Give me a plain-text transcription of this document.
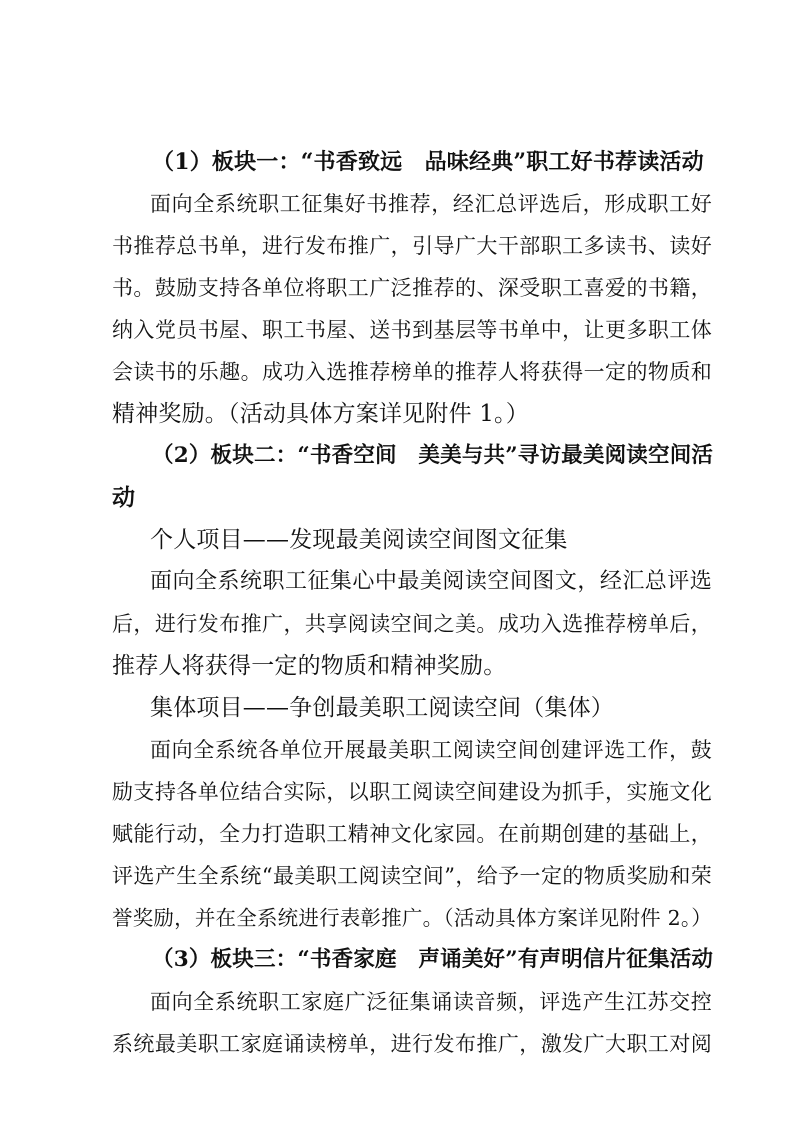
（1）板块一：“书香致远　品味经典”职工好书荐读活动
面向全系统职工征集好书推荐，经汇总评选后，形成职工好
书推荐总书单，进行发布推广，引导广大干部职工多读书、读好
书。鼓励支持各单位将职工广泛推荐的、深受职工喜爱的书籍，
纳入党员书屋、职工书屋、送书到基层等书单中，让更多职工体
会读书的乐趣。成功入选推荐榜单的推荐人将获得一定的物质和
精神奖励。（活动具体方案详见附件 1。）
（2）板块二：“书香空间　美美与共”寻访最美阅读空间活
动
个人项目——发现最美阅读空间图文征集
面向全系统职工征集心中最美阅读空间图文，经汇总评选
后，进行发布推广，共享阅读空间之美。成功入选推荐榜单后，
推荐人将获得一定的物质和精神奖励。
集体项目——争创最美职工阅读空间（集体）
面向全系统各单位开展最美职工阅读空间创建评选工作，鼓
励支持各单位结合实际，以职工阅读空间建设为抓手，实施文化
赋能行动，全力打造职工精神文化家园。在前期创建的基础上，
评选产生全系统“最美职工阅读空间”，给予一定的物质奖励和荣
誉奖励，并在全系统进行表彰推广。（活动具体方案详见附件 2。）
（3）板块三：“书香家庭　声诵美好”有声明信片征集活动
面向全系统职工家庭广泛征集诵读音频，评选产生江苏交控
系统最美职工家庭诵读榜单，进行发布推广，激发广大职工对阅
